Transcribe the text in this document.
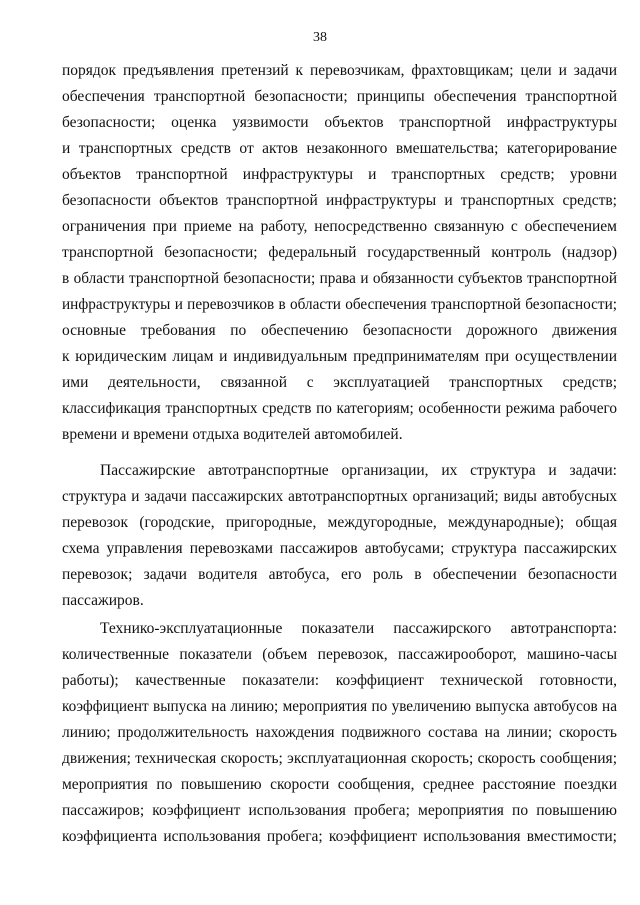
38
порядок предъявления претензий к перевозчикам, фрахтовщикам; цели и задачи
обеспечения транспортной безопасности; принципы обеспечения транспортной
безопасности; оценка уязвимости объектов транспортной инфраструктуры
и транспортных средств от актов незаконного вмешательства; категорирование
объектов транспортной инфраструктуры и транспортных средств; уровни
безопасности объектов транспортной инфраструктуры и транспортных средств;
ограничения при приеме на работу, непосредственно связанную с обеспечением
транспортной безопасности; федеральный государственный контроль (надзор)
в области транспортной безопасности; права и обязанности субъектов транспортной
инфраструктуры и перевозчиков в области обеспечения транспортной безопасности;
основные требования по обеспечению безопасности дорожного движения
к юридическим лицам и индивидуальным предпринимателям при осуществлении
ими деятельности, связанной с эксплуатацией транспортных средств;
классификация транспортных средств по категориям; особенности режима рабочего
времени и времени отдыха водителей автомобилей.
Пассажирские автотранспортные организации, их структура и задачи:
структура и задачи пассажирских автотранспортных организаций; виды автобусных
перевозок (городские, пригородные, междугородные, международные); общая
схема управления перевозками пассажиров автобусами; структура пассажирских
перевозок; задачи водителя автобуса, его роль в обеспечении безопасности
пассажиров.
Технико-эксплуатационные показатели пассажирского автотранспорта:
количественные показатели (объем перевозок, пассажирооборот, машино-часы
работы); качественные показатели: коэффициент технической готовности,
коэффициент выпуска на линию; мероприятия по увеличению выпуска автобусов на
линию; продолжительность нахождения подвижного состава на линии; скорость
движения; техническая скорость; эксплуатационная скорость; скорость сообщения;
мероприятия по повышению скорости сообщения, среднее расстояние поездки
пассажиров; коэффициент использования пробега; мероприятия по повышению
коэффициента использования пробега; коэффициент использования вместимости;
